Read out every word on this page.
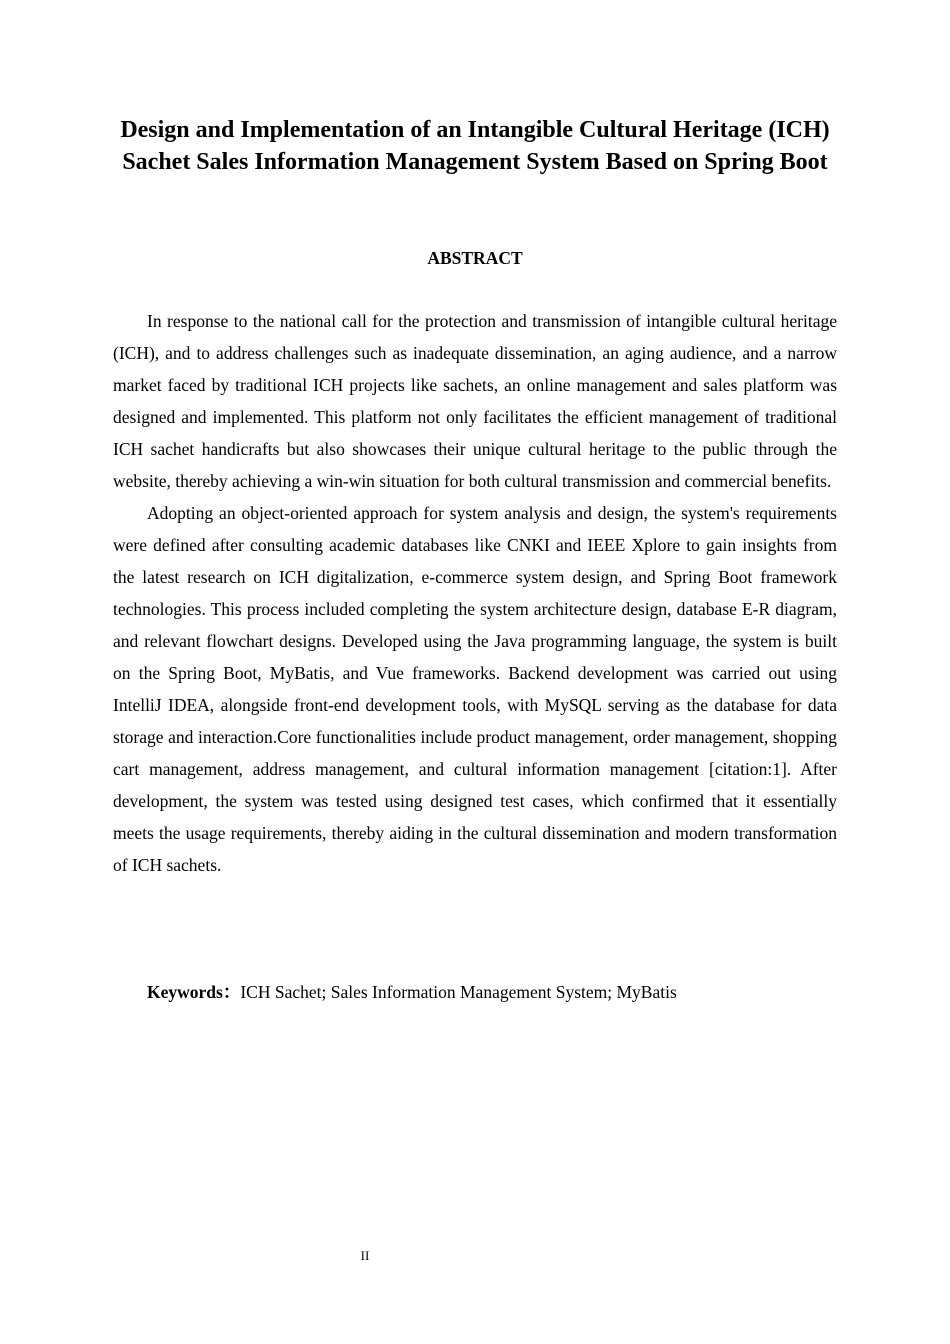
Design and Implementation of an Intangible Cultural Heritage (ICH) Sachet Sales Information Management System Based on Spring Boot
ABSTRACT

In response to the national call for the protection and transmission of intangible cultural heritage (ICH), and to address challenges such as inadequate dissemination, an aging audience, and a narrow market faced by traditional ICH projects like sachets, an online management and sales platform was designed and implemented. This platform not only facilitates the efficient management of traditional ICH sachet handicrafts but also showcases their unique cultural heritage to the public through the website, thereby achieving a win-win situation for both cultural transmission and commercial benefits.

Adopting an object-oriented approach for system analysis and design, the system's requirements were defined after consulting academic databases like CNKI and IEEE Xplore to gain insights from the latest research on ICH digitalization, e-commerce system design, and Spring Boot framework technologies. This process included completing the system architecture design, database E-R diagram, and relevant flowchart designs. Developed using the Java programming language, the system is built on the Spring Boot, MyBatis, and Vue frameworks. Backend development was carried out using IntelliJ IDEA, alongside front-end development tools, with MySQL serving as the database for data storage and interaction.Core functionalities include product management, order management, shopping cart management, address management, and cultural information management [citation:1]. After development, the system was tested using designed test cases, which confirmed that it essentially meets the usage requirements, thereby aiding in the cultural dissemination and modern transformation of ICH sachets.

Keywords：ICH Sachet; Sales Information Management System; MyBatis

II
